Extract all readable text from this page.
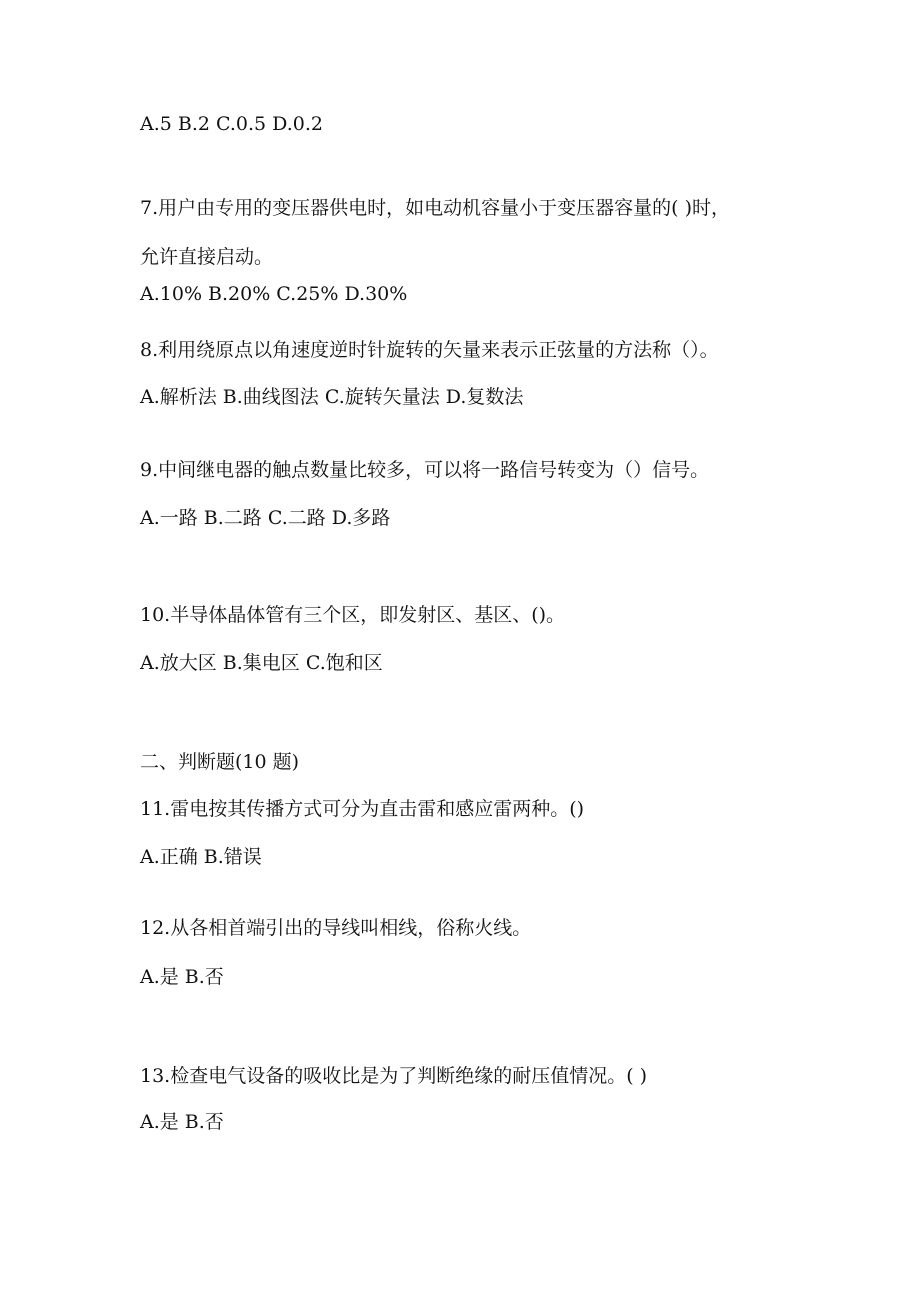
A.5 B.2 C.0.5 D.0.2
7.用户由专用的变压器供电时，如电动机容量小于变压器容量的( )时，
允许直接启动。
A.10% B.20% C.25% D.30%
8.利用绕原点以角速度逆时针旋转的矢量来表示正弦量的方法称（）。
A.解析法 B.曲线图法 C.旋转矢量法 D.复数法
9.中间继电器的触点数量比较多，可以将一路信号转变为（）信号。
A.一路 B.二路 C.二路 D.多路
10.半导体晶体管有三个区，即发射区、基区、()。
A.放大区 B.集电区 C.饱和区
二、判断题(10 题)
11.雷电按其传播方式可分为直击雷和感应雷两种。()
A.正确 B.错误
12.从各相首端引出的导线叫相线，俗称火线。
A.是 B.否
13.检查电气设备的吸收比是为了判断绝缘的耐压值情况。( )
A.是 B.否
